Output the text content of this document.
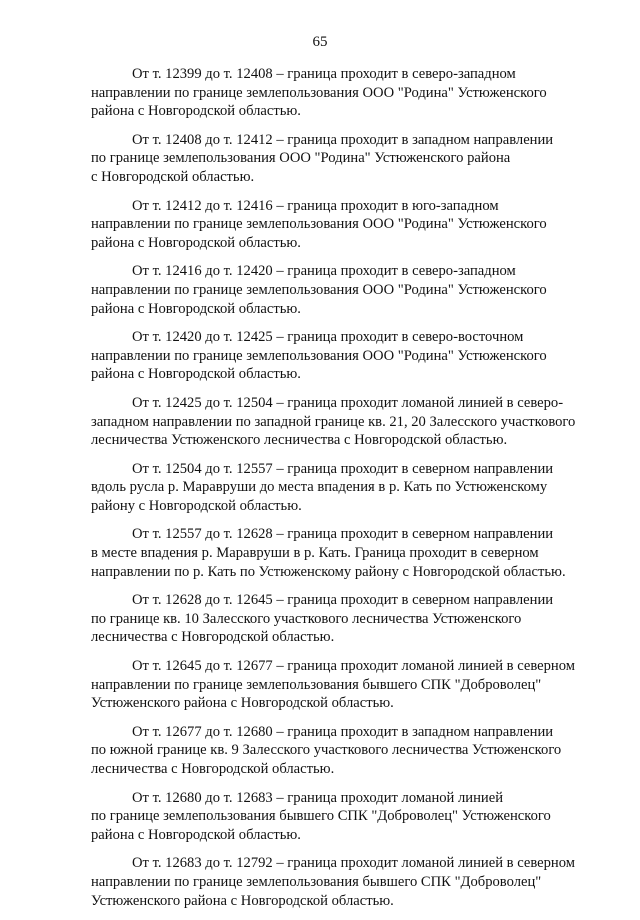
65

От т. 12399 до т. 12408 – граница проходит в северо-западном
направлении по границе землепользования ООО "Родина" Устюженского
района с Новгородской областью.

От т. 12408 до т. 12412 – граница проходит в западном направлении
по границе землепользования ООО "Родина" Устюженского района
с Новгородской областью.

От т. 12412 до т. 12416 – граница проходит в юго-западном
направлении по границе землепользования ООО "Родина" Устюженского
района с Новгородской областью.

От т. 12416 до т. 12420 – граница проходит в северо-западном
направлении по границе землепользования ООО "Родина" Устюженского
района с Новгородской областью.

От т. 12420 до т. 12425 – граница проходит в северо-восточном
направлении по границе землепользования ООО "Родина" Устюженского
района с Новгородской областью.

От т. 12425 до т. 12504 – граница проходит ломаной линией в северо-
западном направлении по западной границе кв. 21, 20 Залесского участкового
лесничества Устюженского лесничества с Новгородской областью.

От т. 12504 до т. 12557 – граница проходит в северном направлении
вдоль русла р. Маравруши до места впадения в р. Кать по Устюженскому
району с Новгородской областью.

От т. 12557 до т. 12628 – граница проходит в северном направлении
в месте впадения р. Маравруши в р. Кать. Граница проходит в северном
направлении по р. Кать по Устюженскому району с Новгородской областью.

От т. 12628 до т. 12645 – граница проходит в северном направлении
по границе кв. 10 Залесского участкового лесничества Устюженского
лесничества с Новгородской областью.

От т. 12645 до т. 12677 – граница проходит ломаной линией в северном
направлении по границе землепользования бывшего СПК "Доброволец"
Устюженского района с Новгородской областью.

От т. 12677 до т. 12680 – граница проходит в западном направлении
по южной границе кв. 9 Залесского участкового лесничества Устюженского
лесничества с Новгородской областью.

От т. 12680 до т. 12683 – граница проходит ломаной линией
по границе землепользования бывшего СПК "Доброволец" Устюженского
района с Новгородской областью.

От т. 12683 до т. 12792 – граница проходит ломаной линией в северном
направлении по границе землепользования бывшего СПК "Доброволец"
Устюженского района с Новгородской областью.
